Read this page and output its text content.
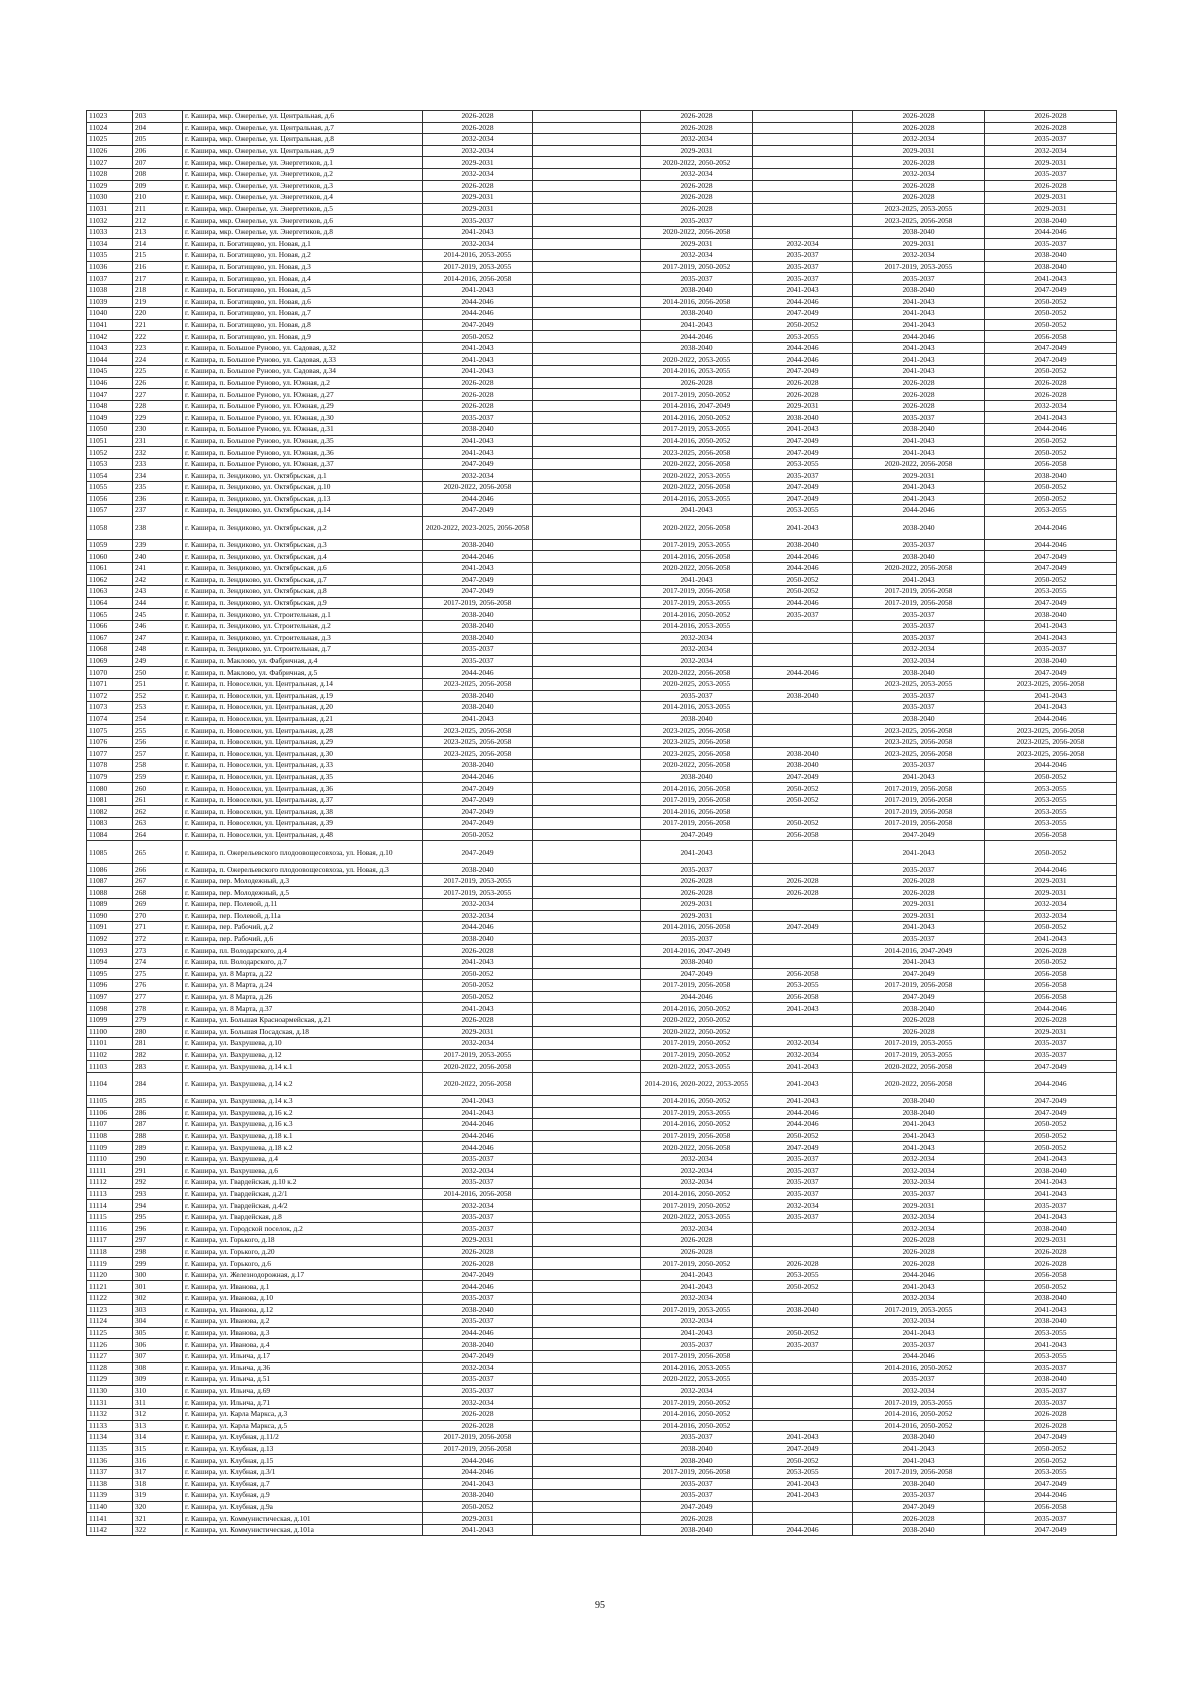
11023	203	г. Кашира, мкр. Ожерелье, ул. Центральная, д.6	2026-2028		2026-2028		2026-2028	2026-2028
11024	204	г. Кашира, мкр. Ожерелье, ул. Центральная, д.7	2026-2028		2026-2028		2026-2028	2026-2028
11025	205	г. Кашира, мкр. Ожерелье, ул. Центральная, д.8	2032-2034		2032-2034		2032-2034	2035-2037
11026	206	г. Кашира, мкр. Ожерелье, ул. Центральная, д.9	2032-2034		2029-2031		2029-2031	2032-2034
11027	207	г. Кашира, мкр. Ожерелье, ул. Энергетиков, д.1	2029-2031		2020-2022, 2050-2052		2026-2028	2029-2031
11028	208	г. Кашира, мкр. Ожерелье, ул. Энергетиков, д.2	2032-2034		2032-2034		2032-2034	2035-2037
11029	209	г. Кашира, мкр. Ожерелье, ул. Энергетиков, д.3	2026-2028		2026-2028		2026-2028	2026-2028
11030	210	г. Кашира, мкр. Ожерелье, ул. Энергетиков, д.4	2029-2031		2026-2028		2026-2028	2029-2031
11031	211	г. Кашира, мкр. Ожерелье, ул. Энергетиков, д.5	2029-2031		2026-2028		2023-2025, 2053-2055	2029-2031
11032	212	г. Кашира, мкр. Ожерелье, ул. Энергетиков, д.6	2035-2037		2035-2037		2023-2025, 2056-2058	2038-2040
11033	213	г. Кашира, мкр. Ожерелье, ул. Энергетиков, д.8	2041-2043		2020-2022, 2056-2058		2038-2040	2044-2046
11034	214	г. Кашира, п. Богатищево, ул. Новая, д.1	2032-2034		2029-2031	2032-2034	2029-2031	2035-2037
11035	215	г. Кашира, п. Богатищево, ул. Новая, д.2	2014-2016, 2053-2055		2032-2034	2035-2037	2032-2034	2038-2040
11036	216	г. Кашира, п. Богатищево, ул. Новая, д.3	2017-2019, 2053-2055		2017-2019, 2050-2052	2035-2037	2017-2019, 2053-2055	2038-2040
11037	217	г. Кашира, п. Богатищево, ул. Новая, д.4	2014-2016, 2056-2058		2035-2037	2035-2037	2035-2037	2041-2043
11038	218	г. Кашира, п. Богатищево, ул. Новая, д.5	2041-2043		2038-2040	2041-2043	2038-2040	2047-2049
11039	219	г. Кашира, п. Богатищево, ул. Новая, д.6	2044-2046		2014-2016, 2056-2058	2044-2046	2041-2043	2050-2052
11040	220	г. Кашира, п. Богатищево, ул. Новая, д.7	2044-2046		2038-2040	2047-2049	2041-2043	2050-2052
11041	221	г. Кашира, п. Богатищево, ул. Новая, д.8	2047-2049		2041-2043	2050-2052	2041-2043	2050-2052
11042	222	г. Кашира, п. Богатищево, ул. Новая, д.9	2050-2052		2044-2046	2053-2055	2044-2046	2056-2058
11043	223	г. Кашира, п. Большое Руново, ул. Садовая, д.32	2041-2043		2038-2040	2044-2046	2041-2043	2047-2049
11044	224	г. Кашира, п. Большое Руново, ул. Садовая, д.33	2041-2043		2020-2022, 2053-2055	2044-2046	2041-2043	2047-2049
11045	225	г. Кашира, п. Большое Руново, ул. Садовая, д.34	2041-2043		2014-2016, 2053-2055	2047-2049	2041-2043	2050-2052
11046	226	г. Кашира, п. Большое Руново, ул. Южная, д.2	2026-2028		2026-2028	2026-2028	2026-2028	2026-2028
11047	227	г. Кашира, п. Большое Руново, ул. Южная, д.27	2026-2028		2017-2019, 2050-2052	2026-2028	2026-2028	2026-2028
11048	228	г. Кашира, п. Большое Руново, ул. Южная, д.29	2026-2028		2014-2016, 2047-2049	2029-2031	2026-2028	2032-2034
11049	229	г. Кашира, п. Большое Руново, ул. Южная, д.30	2035-2037		2014-2016, 2050-2052	2038-2040	2035-2037	2041-2043
11050	230	г. Кашира, п. Большое Руново, ул. Южная, д.31	2038-2040		2017-2019, 2053-2055	2041-2043	2038-2040	2044-2046
11051	231	г. Кашира, п. Большое Руново, ул. Южная, д.35	2041-2043		2014-2016, 2050-2052	2047-2049	2041-2043	2050-2052
11052	232	г. Кашира, п. Большое Руново, ул. Южная, д.36	2041-2043		2023-2025, 2056-2058	2047-2049	2041-2043	2050-2052
11053	233	г. Кашира, п. Большое Руново, ул. Южная, д.37	2047-2049		2020-2022, 2056-2058	2053-2055	2020-2022, 2056-2058	2056-2058
11054	234	г. Кашира, п. Зендиково, ул. Октябрьская, д.1	2032-2034		2020-2022, 2053-2055	2035-2037	2029-2031	2038-2040
11055	235	г. Кашира, п. Зендиково, ул. Октябрьская, д.10	2020-2022, 2056-2058		2020-2022, 2056-2058	2047-2049	2041-2043	2050-2052
11056	236	г. Кашира, п. Зендиково, ул. Октябрьская, д.13	2044-2046		2014-2016, 2053-2055	2047-2049	2041-2043	2050-2052
11057	237	г. Кашира, п. Зендиково, ул. Октябрьская, д.14	2047-2049		2041-2043	2053-2055	2044-2046	2053-2055
11058	238	г. Кашира, п. Зендиково, ул. Октябрьская, д.2	2020-2022, 2023-2025, 2056-2058		2020-2022, 2056-2058	2041-2043	2038-2040	2044-2046
11059	239	г. Кашира, п. Зендиково, ул. Октябрьская, д.3	2038-2040		2017-2019, 2053-2055	2038-2040	2035-2037	2044-2046
11060	240	г. Кашира, п. Зендиково, ул. Октябрьская, д.4	2044-2046		2014-2016, 2056-2058	2044-2046	2038-2040	2047-2049
11061	241	г. Кашира, п. Зендиково, ул. Октябрьская, д.6	2041-2043		2020-2022, 2056-2058	2044-2046	2020-2022, 2056-2058	2047-2049
11062	242	г. Кашира, п. Зендиково, ул. Октябрьская, д.7	2047-2049		2041-2043	2050-2052	2041-2043	2050-2052
11063	243	г. Кашира, п. Зендиково, ул. Октябрьская, д.8	2047-2049		2017-2019, 2056-2058	2050-2052	2017-2019, 2056-2058	2053-2055
11064	244	г. Кашира, п. Зендиково, ул. Октябрьская, д.9	2017-2019, 2056-2058		2017-2019, 2053-2055	2044-2046	2017-2019, 2056-2058	2047-2049
11065	245	г. Кашира, п. Зендиково, ул. Строительная, д.1	2038-2040		2014-2016, 2050-2052	2035-2037	2035-2037	2038-2040
11066	246	г. Кашира, п. Зендиково, ул. Строительная, д.2	2038-2040		2014-2016, 2053-2055		2035-2037	2041-2043
11067	247	г. Кашира, п. Зендиково, ул. Строительная, д.3	2038-2040		2032-2034		2035-2037	2041-2043
11068	248	г. Кашира, п. Зендиково, ул. Строительная, д.7	2035-2037		2032-2034		2032-2034	2035-2037
11069	249	г. Кашира, п. Маклово, ул. Фабричная, д.4	2035-2037		2032-2034		2032-2034	2038-2040
11070	250	г. Кашира, п. Маклово, ул. Фабричная, д.5	2044-2046		2020-2022, 2056-2058	2044-2046	2038-2040	2047-2049
11071	251	г. Кашира, п. Новоселки, ул. Центральная, д.14	2023-2025, 2056-2058		2020-2025, 2053-2055		2023-2025, 2053-2055	2023-2025, 2056-2058
11072	252	г. Кашира, п. Новоселки, ул. Центральная, д.19	2038-2040		2035-2037	2038-2040	2035-2037	2041-2043
11073	253	г. Кашира, п. Новоселки, ул. Центральная, д.20	2038-2040		2014-2016, 2053-2055		2035-2037	2041-2043
11074	254	г. Кашира, п. Новоселки, ул. Центральная, д.21	2041-2043		2038-2040		2038-2040	2044-2046
11075	255	г. Кашира, п. Новоселки, ул. Центральная, д.28	2023-2025, 2056-2058		2023-2025, 2056-2058		2023-2025, 2056-2058	2023-2025, 2056-2058
11076	256	г. Кашира, п. Новоселки, ул. Центральная, д.29	2023-2025, 2056-2058		2023-2025, 2056-2058		2023-2025, 2056-2058	2023-2025, 2056-2058
11077	257	г. Кашира, п. Новоселки, ул. Центральная, д.30	2023-2025, 2056-2058		2023-2025, 2056-2058	2038-2040	2023-2025, 2056-2058	2023-2025, 2056-2058
11078	258	г. Кашира, п. Новоселки, ул. Центральная, д.33	2038-2040		2020-2022, 2056-2058	2038-2040	2035-2037	2044-2046
11079	259	г. Кашира, п. Новоселки, ул. Центральная, д.35	2044-2046		2038-2040	2047-2049	2041-2043	2050-2052
11080	260	г. Кашира, п. Новоселки, ул. Центральная, д.36	2047-2049		2014-2016, 2056-2058	2050-2052	2017-2019, 2056-2058	2053-2055
11081	261	г. Кашира, п. Новоселки, ул. Центральная, д.37	2047-2049		2017-2019, 2056-2058	2050-2052	2017-2019, 2056-2058	2053-2055
11082	262	г. Кашира, п. Новоселки, ул. Центральная, д.38	2047-2049		2014-2016, 2056-2058		2017-2019, 2056-2058	2053-2055
11083	263	г. Кашира, п. Новоселки, ул. Центральная, д.39	2047-2049		2017-2019, 2056-2058	2050-2052	2017-2019, 2056-2058	2053-2055
11084	264	г. Кашира, п. Новоселки, ул. Центральная, д.48	2050-2052		2047-2049	2056-2058	2047-2049	2056-2058
11085	265	г. Кашира, п. Ожерельевского плодоовощесовхоза, ул. Новая, д.10	2047-2049		2041-2043		2041-2043	2050-2052
11086	266	г. Кашира, п. Ожерельевского плодоовощесовхоза, ул. Новая, д.3	2038-2040		2035-2037		2035-2037	2044-2046
11087	267	г. Кашира, пер. Молодежный, д.3	2017-2019, 2053-2055		2026-2028	2026-2028	2026-2028	2029-2031
11088	268	г. Кашира, пер. Молодежный, д.5	2017-2019, 2053-2055		2026-2028	2026-2028	2026-2028	2029-2031
11089	269	г. Кашира, пер. Полевой, д.11	2032-2034		2029-2031		2029-2031	2032-2034
11090	270	г. Кашира, пер. Полевой, д.11а	2032-2034		2029-2031		2029-2031	2032-2034
11091	271	г. Кашира, пер. Рабочий, д.2	2044-2046		2014-2016, 2056-2058	2047-2049	2041-2043	2050-2052
11092	272	г. Кашира, пер. Рабочий, д.6	2038-2040		2035-2037		2035-2037	2041-2043
11093	273	г. Кашира, пл. Володарского, д.4	2026-2028		2014-2016, 2047-2049		2014-2016, 2047-2049	2026-2028
11094	274	г. Кашира, пл. Володарского, д.7	2041-2043		2038-2040		2041-2043	2050-2052
11095	275	г. Кашира, ул. 8 Марта, д.22	2050-2052		2047-2049	2056-2058	2047-2049	2056-2058
11096	276	г. Кашира, ул. 8 Марта, д.24	2050-2052		2017-2019, 2056-2058	2053-2055	2017-2019, 2056-2058	2056-2058
11097	277	г. Кашира, ул. 8 Марта, д.26	2050-2052		2044-2046	2056-2058	2047-2049	2056-2058
11098	278	г. Кашира, ул. 8 Марта, д.37	2041-2043		2014-2016, 2050-2052	2041-2043	2038-2040	2044-2046
11099	279	г. Кашира, ул. Большая Красноармейская, д.21	2026-2028		2020-2022, 2050-2052		2026-2028	2026-2028
11100	280	г. Кашира, ул. Большая Посадская, д.18	2029-2031		2020-2022, 2050-2052		2026-2028	2029-2031
11101	281	г. Кашира, ул. Вахрушева, д.10	2032-2034		2017-2019, 2050-2052	2032-2034	2017-2019, 2053-2055	2035-2037
11102	282	г. Кашира, ул. Вахрушева, д.12	2017-2019, 2053-2055		2017-2019, 2050-2052	2032-2034	2017-2019, 2053-2055	2035-2037
11103	283	г. Кашира, ул. Вахрушева, д.14 к.1	2020-2022, 2056-2058		2020-2022, 2053-2055	2041-2043	2020-2022, 2056-2058	2047-2049
11104	284	г. Кашира, ул. Вахрушева, д.14 к.2	2020-2022, 2056-2058		2014-2016, 2020-2022, 2053-2055	2041-2043	2020-2022, 2056-2058	2044-2046
11105	285	г. Кашира, ул. Вахрушева, д.14 к.3	2041-2043		2014-2016, 2050-2052	2041-2043	2038-2040	2047-2049
11106	286	г. Кашира, ул. Вахрушева, д.16 к.2	2041-2043		2017-2019, 2053-2055	2044-2046	2038-2040	2047-2049
11107	287	г. Кашира, ул. Вахрушева, д.16 к.3	2044-2046		2014-2016, 2050-2052	2044-2046	2041-2043	2050-2052
11108	288	г. Кашира, ул. Вахрушева, д.18 к.1	2044-2046		2017-2019, 2056-2058	2050-2052	2041-2043	2050-2052
11109	289	г. Кашира, ул. Вахрушева, д.18 к.2	2044-2046		2020-2022, 2056-2058	2047-2049	2041-2043	2050-2052
11110	290	г. Кашира, ул. Вахрушева, д.4	2035-2037		2032-2034	2035-2037	2032-2034	2041-2043
11111	291	г. Кашира, ул. Вахрушева, д.6	2032-2034		2032-2034	2035-2037	2032-2034	2038-2040
11112	292	г. Кашира, ул. Гвардейская, д.10 к.2	2035-2037		2032-2034	2035-2037	2032-2034	2041-2043
11113	293	г. Кашира, ул. Гвардейская, д.2/1	2014-2016, 2056-2058		2014-2016, 2050-2052	2035-2037	2035-2037	2041-2043
11114	294	г. Кашира, ул. Гвардейская, д.4/2	2032-2034		2017-2019, 2050-2052	2032-2034	2029-2031	2035-2037
11115	295	г. Кашира, ул. Гвардейская, д.8	2035-2037		2020-2022, 2053-2055	2035-2037	2032-2034	2041-2043
11116	296	г. Кашира, ул. Городской поселок, д.2	2035-2037		2032-2034		2032-2034	2038-2040
11117	297	г. Кашира, ул. Горького, д.18	2029-2031		2026-2028		2026-2028	2029-2031
11118	298	г. Кашира, ул. Горького, д.20	2026-2028		2026-2028		2026-2028	2026-2028
11119	299	г. Кашира, ул. Горького, д.6	2026-2028		2017-2019, 2050-2052	2026-2028	2026-2028	2026-2028
11120	300	г. Кашира, ул. Железнодорожная, д.17	2047-2049		2041-2043	2053-2055	2044-2046	2056-2058
11121	301	г. Кашира, ул. Иванова, д.1	2044-2046		2041-2043	2050-2052	2041-2043	2050-2052
11122	302	г. Кашира, ул. Иванова, д.10	2035-2037		2032-2034		2032-2034	2038-2040
11123	303	г. Кашира, ул. Иванова, д.12	2038-2040		2017-2019, 2053-2055	2038-2040	2017-2019, 2053-2055	2041-2043
11124	304	г. Кашира, ул. Иванова, д.2	2035-2037		2032-2034		2032-2034	2038-2040
11125	305	г. Кашира, ул. Иванова, д.3	2044-2046		2041-2043	2050-2052	2041-2043	2053-2055
11126	306	г. Кашира, ул. Иванова, д.4	2038-2040		2035-2037	2035-2037	2035-2037	2041-2043
11127	307	г. Кашира, ул. Ильича, д.17	2047-2049		2017-2019, 2056-2058		2044-2046	2053-2055
11128	308	г. Кашира, ул. Ильича, д.36	2032-2034		2014-2016, 2053-2055		2014-2016, 2050-2052	2035-2037
11129	309	г. Кашира, ул. Ильича, д.51	2035-2037		2020-2022, 2053-2055		2035-2037	2038-2040
11130	310	г. Кашира, ул. Ильича, д.69	2035-2037		2032-2034		2032-2034	2035-2037
11131	311	г. Кашира, ул. Ильича, д.71	2032-2034		2017-2019, 2050-2052		2017-2019, 2053-2055	2035-2037
11132	312	г. Кашира, ул. Карла Маркса, д.3	2026-2028		2014-2016, 2050-2052		2014-2016, 2050-2052	2026-2028
11133	313	г. Кашира, ул. Карла Маркса, д.5	2026-2028		2014-2016, 2050-2052		2014-2016, 2050-2052	2026-2028
11134	314	г. Кашира, ул. Клубная, д.11/2	2017-2019, 2056-2058		2035-2037	2041-2043	2038-2040	2047-2049
11135	315	г. Кашира, ул. Клубная, д.13	2017-2019, 2056-2058		2038-2040	2047-2049	2041-2043	2050-2052
11136	316	г. Кашира, ул. Клубная, д.15	2044-2046		2038-2040	2050-2052	2041-2043	2050-2052
11137	317	г. Кашира, ул. Клубная, д.3/1	2044-2046		2017-2019, 2056-2058	2053-2055	2017-2019, 2056-2058	2053-2055
11138	318	г. Кашира, ул. Клубная, д.7	2041-2043		2035-2037	2041-2043	2038-2040	2047-2049
11139	319	г. Кашира, ул. Клубная, д.9	2038-2040		2035-2037	2041-2043	2035-2037	2044-2046
11140	320	г. Кашира, ул. Клубная, д.9а	2050-2052		2047-2049		2047-2049	2056-2058
11141	321	г. Кашира, ул. Коммунистическая, д.101	2029-2031		2026-2028		2026-2028	2035-2037
11142	322	г. Кашира, ул. Коммунистическая, д.101а	2041-2043		2038-2040	2044-2046	2038-2040	2047-2049
95
